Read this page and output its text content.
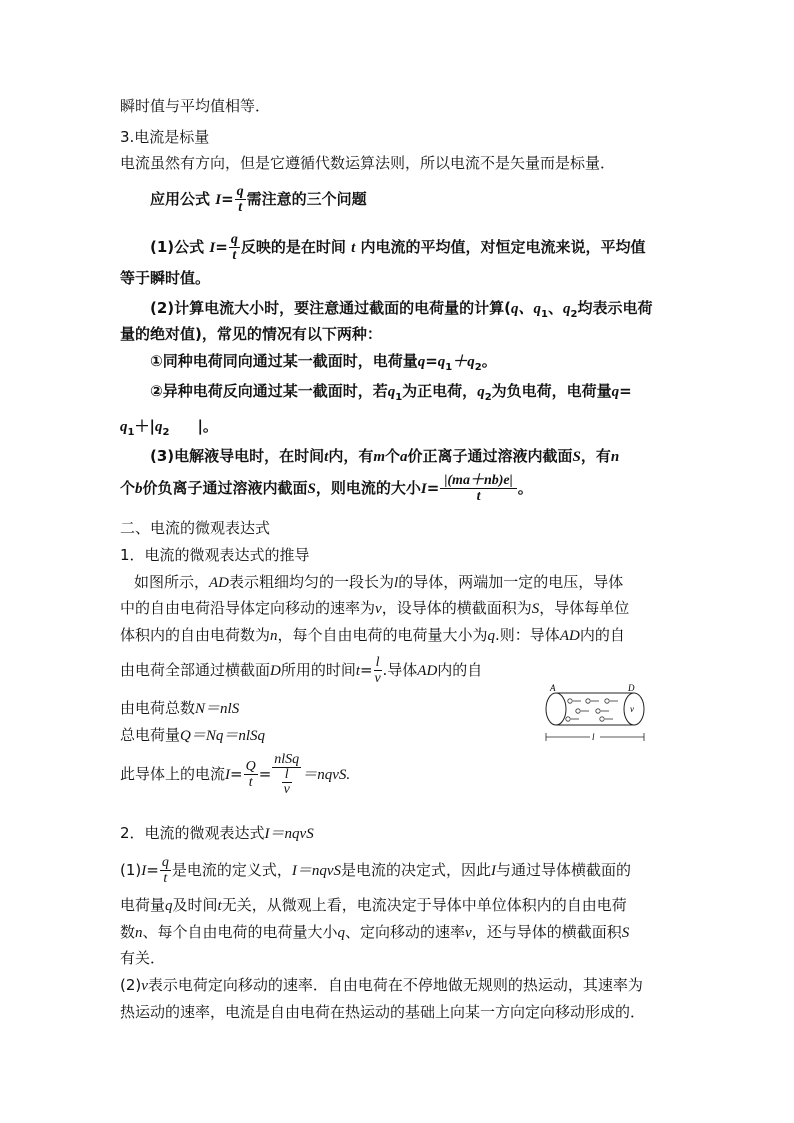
瞬时值与平均值相等．
3.电流是标量
电流虽然有方向，但是它遵循代数运算法则，所以电流不是矢量而是标量．
应用公式 $I= \frac{q}{t}$ 需注意的三个问题
(1)公式 $I= \frac{q}{t}$ 反映的是在时间 t 内电流的平均值，对恒定电流来说，平均值
等于瞬时值。
(2)计算电流大小时，要注意通过截面的电荷量的计算(q、$q_1$、$q_2$均表示电荷
量的绝对值)，常见的情况有以下两种：
①同种电荷同向通过某一截面时，电荷量$q=q_1+q_2$。
②异种电荷反向通过某一截面时，若$q_1$为正电荷，$q_2$为负电荷，电荷量q=
$q_1+|q_2$ |。
(3)电解液导电时，在时间t内，有m个a价正离子通过溶液内截面S，有n
个b价负离子通过溶液内截面S，则电流的大小$I= \frac{|(ma+nb)e|}{t}$ 。
二、电流的微观表达式
1．电流的微观表达式的推导
如图所示，AD表示粗细均匀的一段长为l的导体，两端加一定的电压，导体
中的自由电荷沿导体定向移动的速率为v，设导体的横截面积为S，导体每单位
体积内的自由电荷数为n，每个自由电荷的电荷量大小为q.则：导体AD内的自
由电荷全部通过横截面D所用的时间$t= \frac{l}{v}$ .导体AD内的自
由电荷总数N＝nlS
总电荷量Q＝Nq＝nlSq
此导体上的电流$I= \frac{Q}{t}$ = nlSq
l
v ＝nqvS.
A	D
v
l
2．电流的微观表达式I＝nqvS
$(1)I= \frac{q}{t}$ 是电流的定义式，I＝nqvS是电流的决定式，因此I与通过导体横截面的
电荷量q及时间t无关，从微观上看，电流决定于导体中单位体积内的自由电荷
数n、每个自由电荷的电荷量大小q、定向移动的速率v，还与导体的横截面积S
有关．
(2)v表示电荷定向移动的速率．自由电荷在不停地做无规则的热运动，其速率为
热运动的速率，电流是自由电荷在热运动的基础上向某一方向定向移动形成的．
